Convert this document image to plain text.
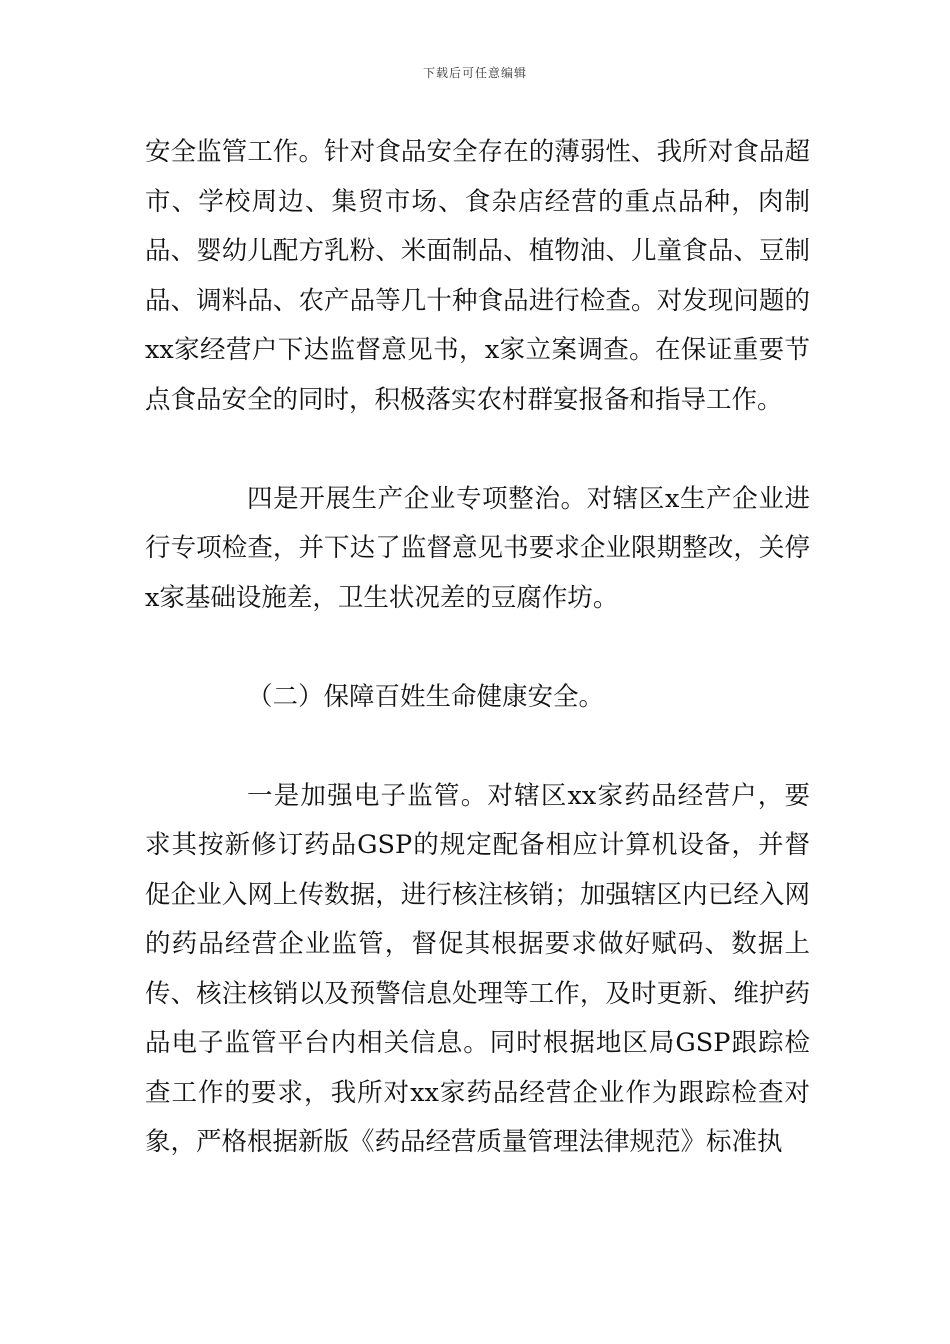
下载后可任意编辑

安全监管工作。针对食品安全存在的薄弱性、我所对食品超市、学校周边、集贸市场、食杂店经营的重点品种，肉制品、婴幼儿配方乳粉、米面制品、植物油、儿童食品、豆制品、调料品、农产品等几十种食品进行检查。对发现问题的xx家经营户下达监督意见书，x家立案调查。在保证重要节点食品安全的同时，积极落实农村群宴报备和指导工作。

四是开展生产企业专项整治。对辖区x生产企业进行专项检查，并下达了监督意见书要求企业限期整改，关停x家基础设施差，卫生状况差的豆腐作坊。

（二）保障百姓生命健康安全。

一是加强电子监管。对辖区xx家药品经营户，要求其按新修订药品GSP的规定配备相应计算机设备，并督促企业入网上传数据，进行核注核销；加强辖区内已经入网的药品经营企业监管，督促其根据要求做好赋码、数据上传、核注核销以及预警信息处理等工作，及时更新、维护药品电子监管平台内相关信息。同时根据地区局GSP跟踪检查工作的要求，我所对xx家药品经营企业作为跟踪检查对象，严格根据新版《药品经营质量管理法律规范》标准执
